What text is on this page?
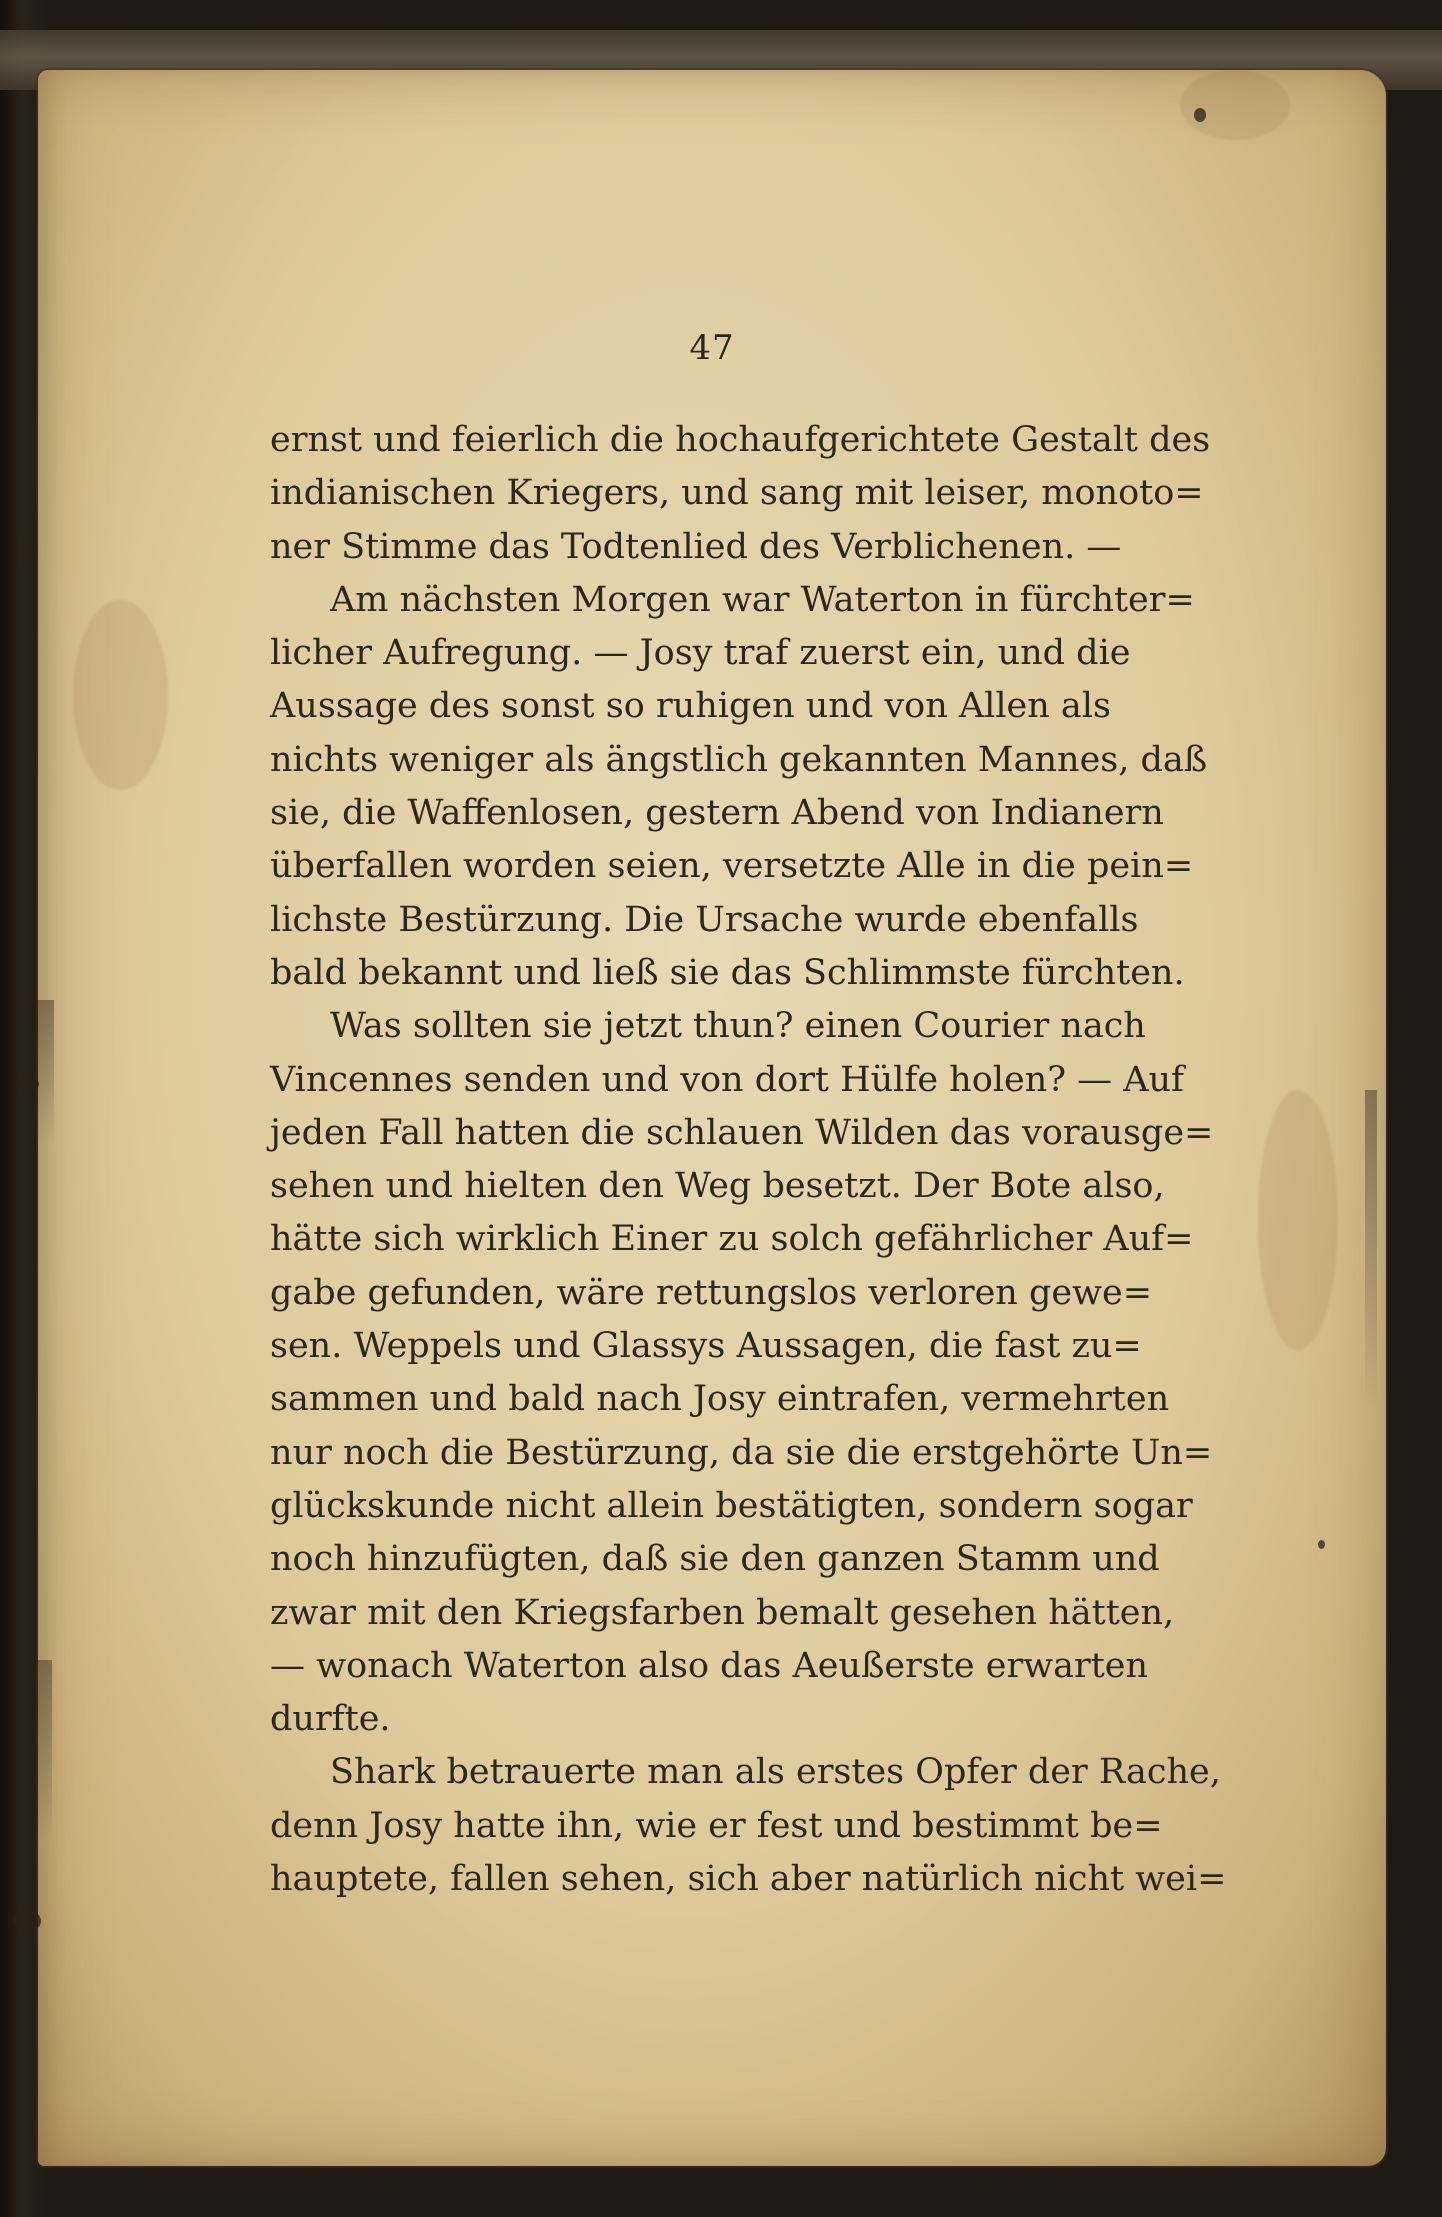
47
ernst und feierlich die hochaufgerichtete Gestalt des
indianischen Kriegers, und sang mit leiser, monoto=
ner Stimme das Todtenlied des Verblichenen. —
Am nächsten Morgen war Waterton in fürchter=
licher Aufregung. — Josy traf zuerst ein, und die
Aussage des sonst so ruhigen und von Allen als
nichts weniger als ängstlich gekannten Mannes, daß
sie, die Waffenlosen, gestern Abend von Indianern
überfallen worden seien, versetzte Alle in die pein=
lichste Bestürzung. Die Ursache wurde ebenfalls
bald bekannt und ließ sie das Schlimmste fürchten.
Was sollten sie jetzt thun? einen Courier nach
Vincennes senden und von dort Hülfe holen? — Auf
jeden Fall hatten die schlauen Wilden das vorausge=
sehen und hielten den Weg besetzt. Der Bote also,
hätte sich wirklich Einer zu solch gefährlicher Auf=
gabe gefunden, wäre rettungslos verloren gewe=
sen. Weppels und Glassys Aussagen, die fast zu=
sammen und bald nach Josy eintrafen, vermehrten
nur noch die Bestürzung, da sie die erstgehörte Un=
glückskunde nicht allein bestätigten, sondern sogar
noch hinzufügten, daß sie den ganzen Stamm und
zwar mit den Kriegsfarben bemalt gesehen hätten,
— wonach Waterton also das Aeußerste erwarten
durfte.
Shark betrauerte man als erstes Opfer der Rache,
denn Josy hatte ihn, wie er fest und bestimmt be=
hauptete, fallen sehen, sich aber natürlich nicht wei=
